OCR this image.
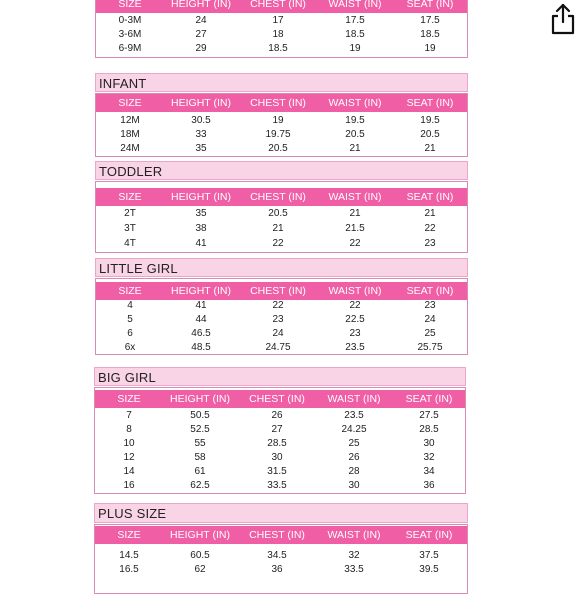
SIZE	HEIGHT (IN)	CHEST (IN)	WAIST (IN)	SEAT (IN)
0-3M	24	17	17.5	17.5
3-6M	27	18	18.5	18.5
6-9M	29	18.5	19	19
INFANT
SIZE	HEIGHT (IN)	CHEST (IN)	WAIST (IN)	SEAT (IN)
12M	30.5	19	19.5	19.5
18M	33	19.75	20.5	20.5
24M	35	20.5	21	21
TODDLER
SIZE	HEIGHT (IN)	CHEST (IN)	WAIST (IN)	SEAT (IN)
2T	35	20.5	21	21
3T	38	21	21.5	22
4T	41	22	22	23
LITTLE GIRL
SIZE	HEIGHT (IN)	CHEST (IN)	WAIST (IN)	SEAT (IN)
4	41	22	22	23
5	44	23	22.5	24
6	46.5	24	23	25
6x	48.5	24.75	23.5	25.75
BIG GIRL
SIZE	HEIGHT (IN)	CHEST (IN)	WAIST (IN)	SEAT (IN)
7	50.5	26	23.5	27.5
8	52.5	27	24.25	28.5
10	55	28.5	25	30
12	58	30	26	32
14	61	31.5	28	34
16	62.5	33.5	30	36
PLUS SIZE
SIZE	HEIGHT (IN)	CHEST (IN)	WAIST (IN)	SEAT (IN)
14.5	60.5	34.5	32	37.5
16.5	62	36	33.5	39.5
